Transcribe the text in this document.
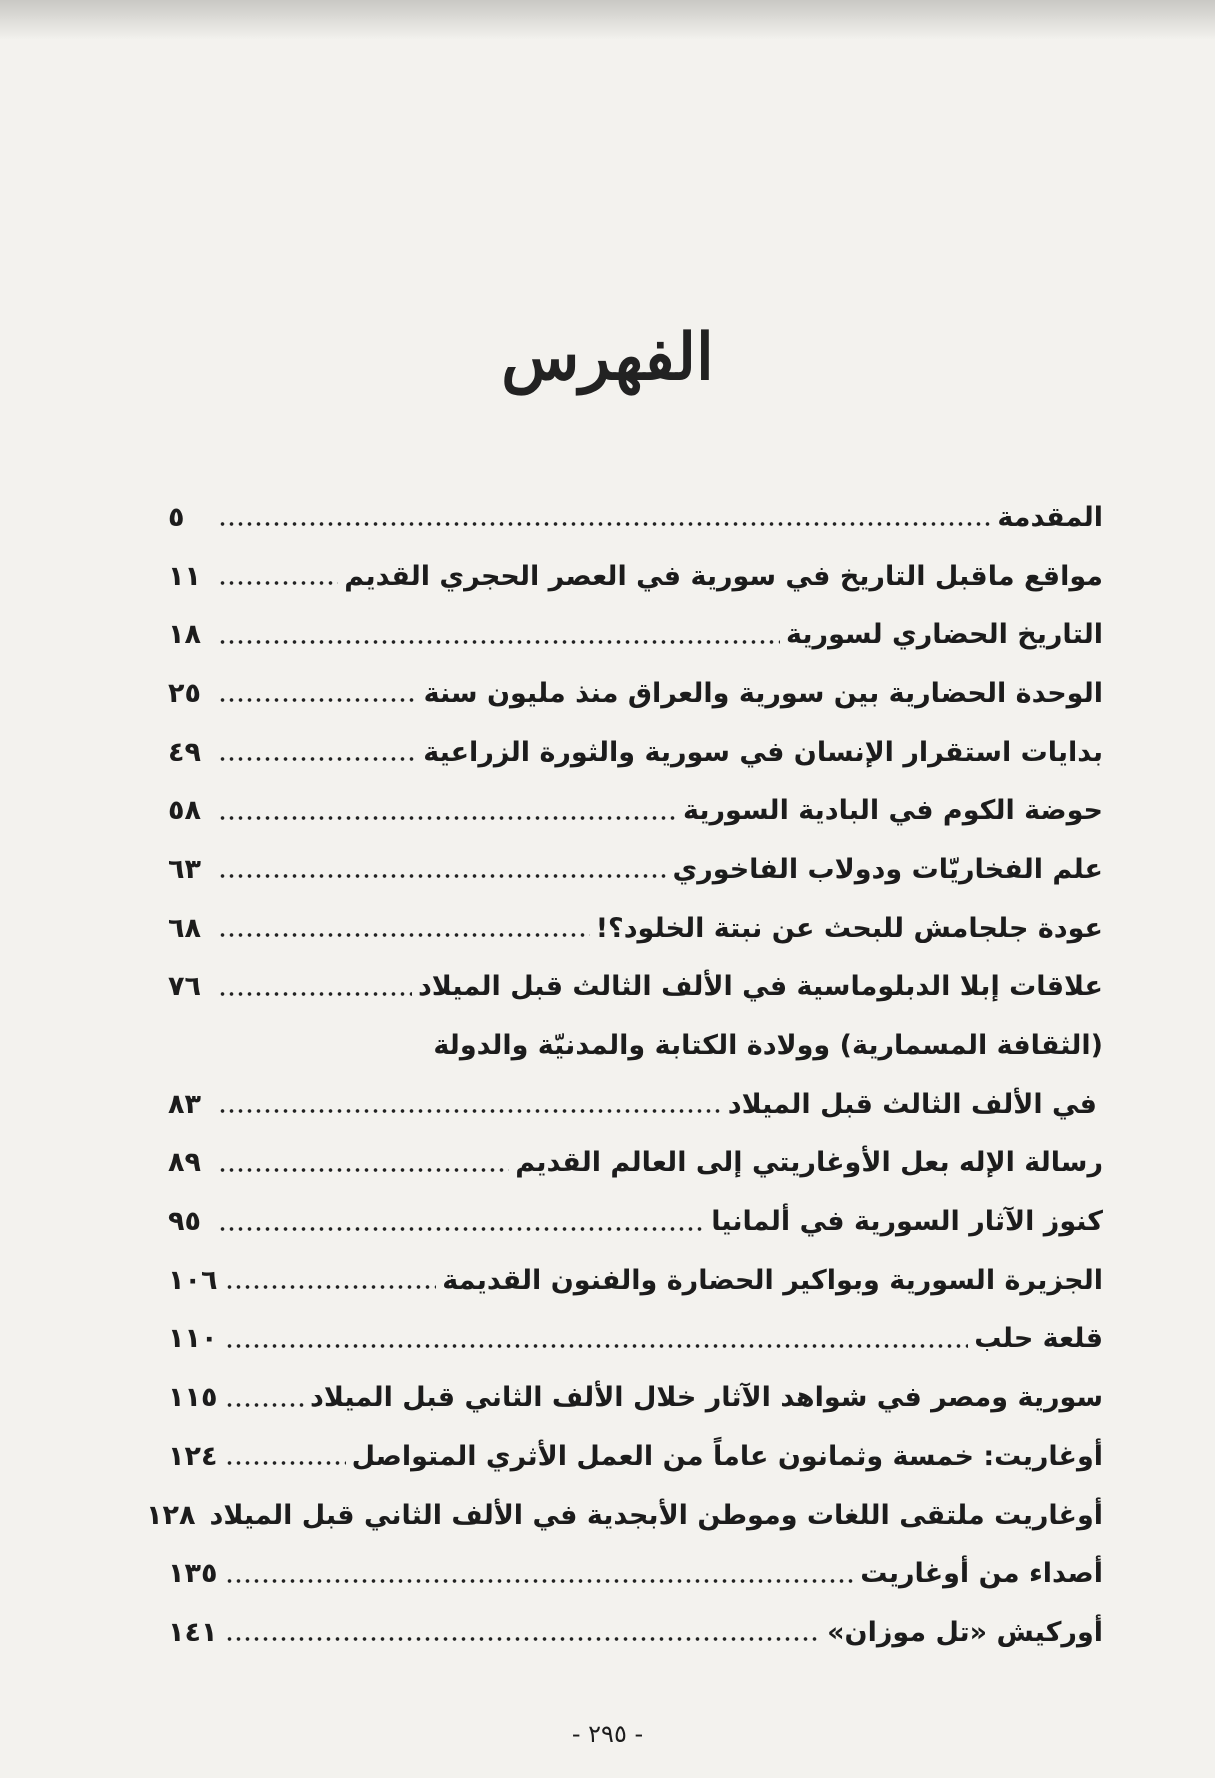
الفهرس
المقدمة
٥
مواقع ماقبل التاريخ في سورية في العصر الحجري القديم
١١
التاريخ الحضاري لسورية
١٨
الوحدة الحضارية بين سورية والعراق منذ مليون سنة
٢٥
بدايات استقرار الإنسان في سورية والثورة الزراعية
٤٩
حوضة الكوم في البادية السورية
٥٨
علم الفخاريّات ودولاب الفاخوري
٦٣
عودة جلجامش للبحث عن نبتة الخلود؟!
٦٨
علاقات إبلا الدبلوماسية في الألف الثالث قبل الميلاد
٧٦
(الثقافة المسمارية) وولادة الكتابة والمدنيّة والدولة
في الألف الثالث قبل الميلاد
٨٣
رسالة الإله بعل الأوغاريتي إلى العالم القديم
٨٩
كنوز الآثار السورية في ألمانيا
٩٥
الجزيرة السورية وبواكير الحضارة والفنون القديمة
١٠٦
قلعة حلب
١١٠
سورية ومصر في شواهد الآثار خلال الألف الثاني قبل الميلاد
١١٥
أوغاريت: خمسة وثمانون عاماً من العمل الأثري المتواصل
١٢٤
أوغاريت ملتقى اللغات وموطن الأبجدية في الألف الثاني قبل الميلاد
١٢٨
أصداء من أوغاريت
١٣٥
أوركيش «تل موزان»
١٤١
- ٢٩٥ -
